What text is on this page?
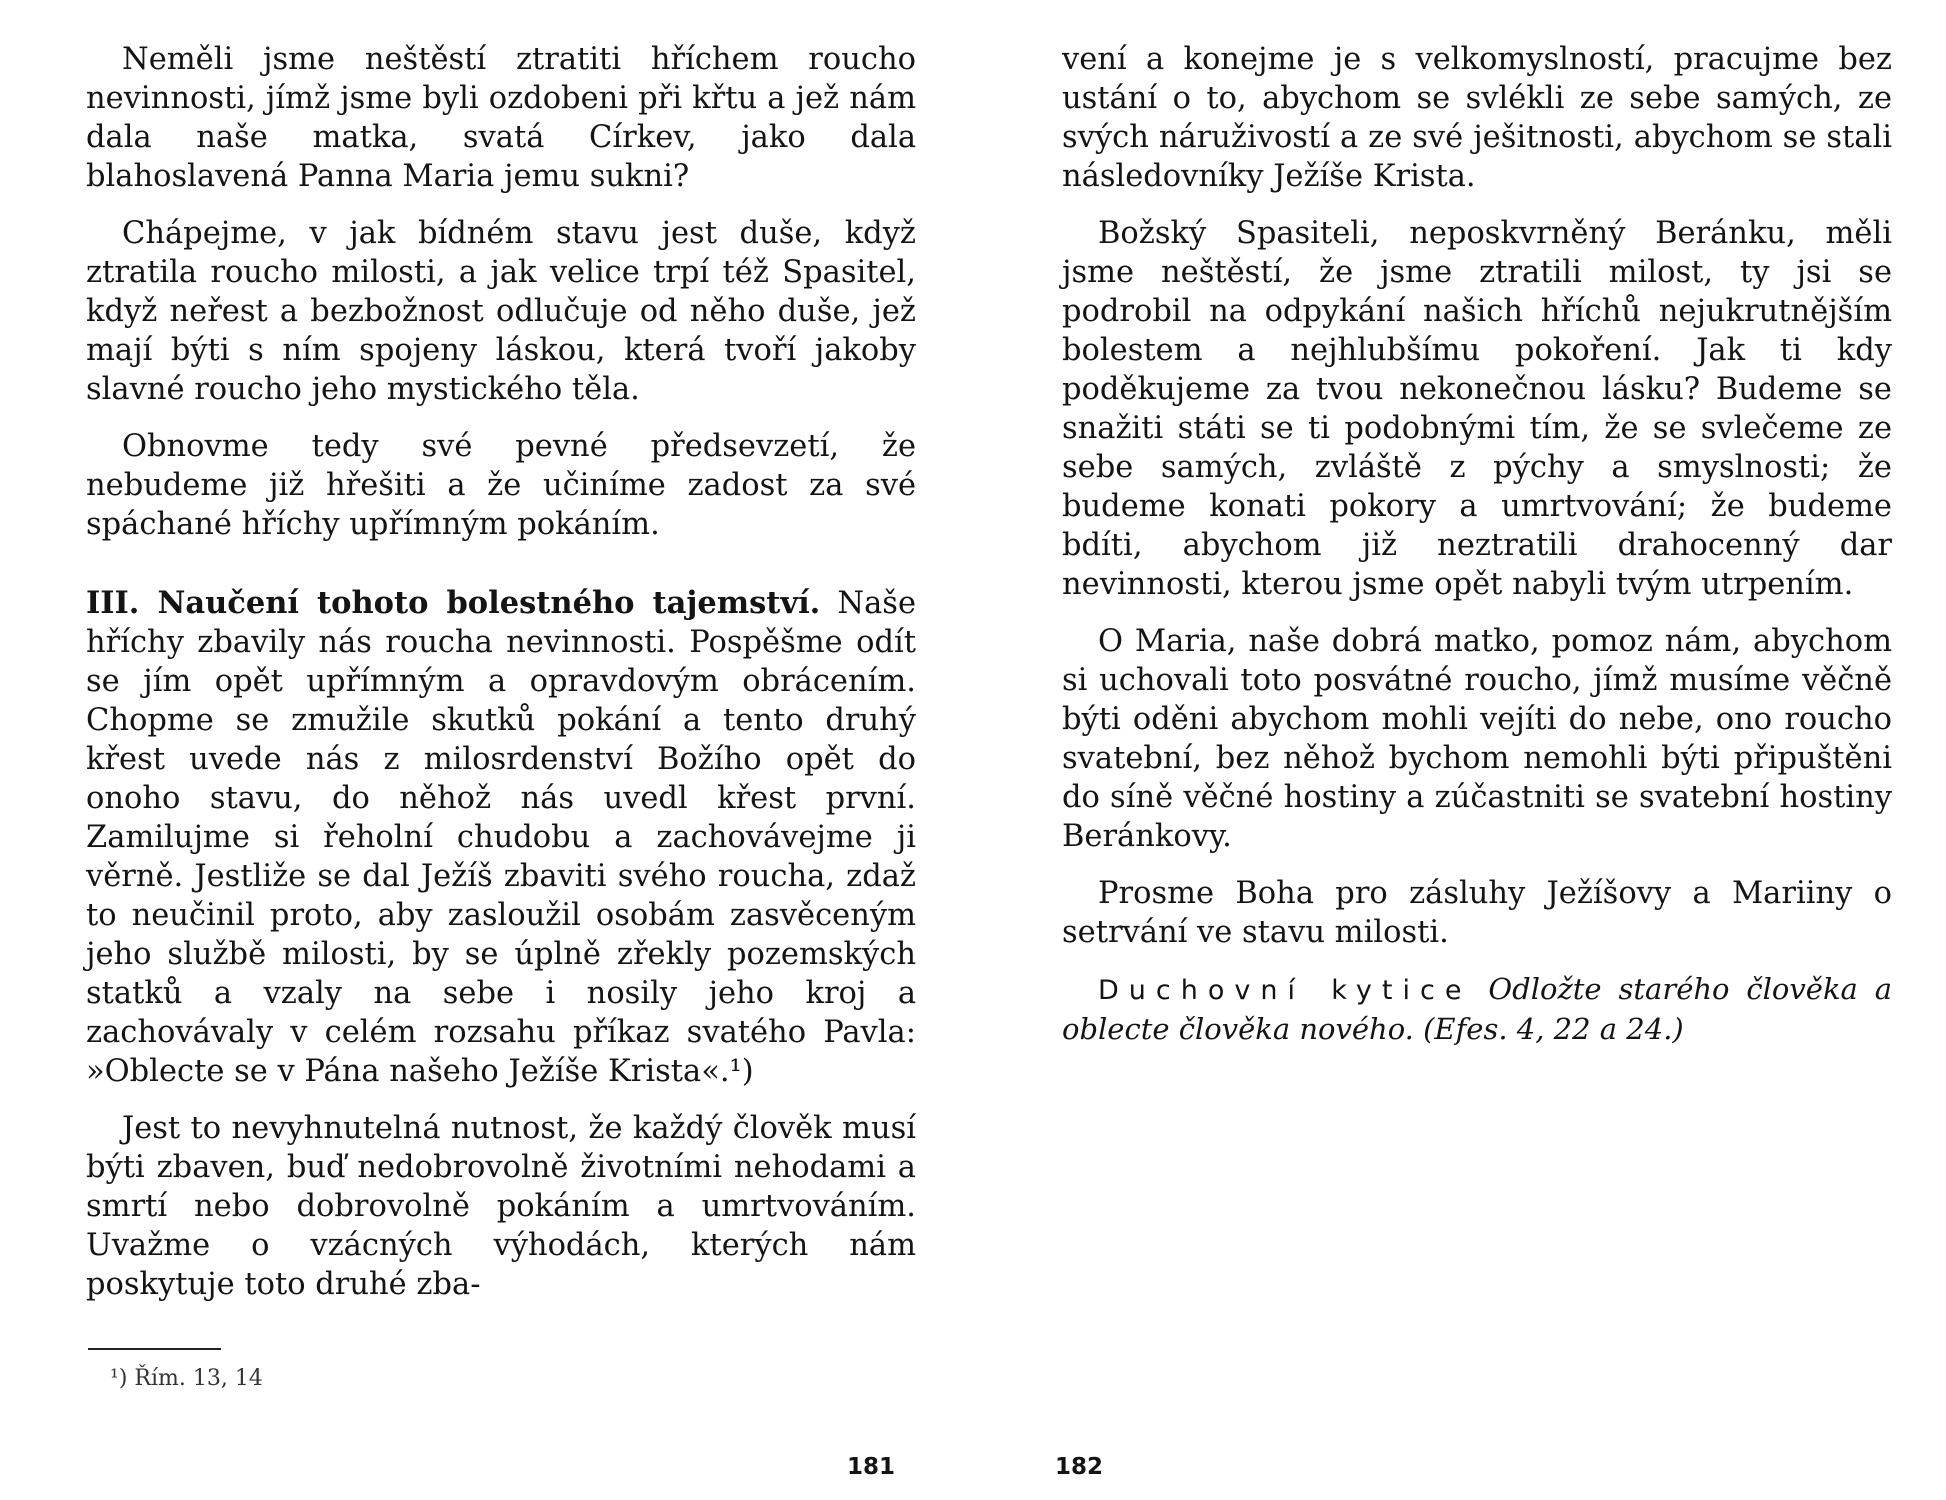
Neměli jsme neštěstí ztratiti hříchem roucho nevinnosti, jímž jsme byli ozdobeni při křtu a jež nám dala naše matka, svatá Církev, jako dala blahoslavená Panna Maria jemu sukni?

Chápejme, v jak bídném stavu jest duše, když ztratila roucho milosti, a jak velice trpí též Spasitel, když neřest a bezbožnost odlučuje od něho duše, jež mají býti s ním spojeny láskou, která tvoří jakoby slavné roucho jeho mystického těla.

Obnovme tedy své pevné předsevzetí, že nebudeme již hřešiti a že učiníme zadost za své spáchané hříchy upřímným pokáním.

III. Naučení tohoto bolestného tajemství. Naše hříchy zbavily nás roucha nevinnosti. Pospěšme odít se jím opět upřímným a opravdovým obrácením. Chopme se zmužile skutků pokání a tento druhý křest uvede nás z milosrdenství Božího opět do onoho stavu, do něhož nás uvedl křest první. Zamilujme si řeholní chudobu a zachovávejme ji věrně. Jestliže se dal Ježíš zbaviti svého roucha, zdaž to neučinil proto, aby zasloužil osobám zasvěceným jeho službě milosti, by se úplně zřekly pozemských statků a vzaly na sebe i nosily jeho kroj a zachovávaly v celém rozsahu příkaz svatého Pavla: »Oblecte se v Pána našeho Ježíše Krista«.¹)

Jest to nevyhnutelná nutnost, že každý člověk musí býti zbaven, buď nedobrovolně životními nehodami a smrtí nebo dobrovolně pokáním a umrtvováním. Uvažme o vzácných výhodách, kterých nám poskytuje toto druhé zba-

¹) Řím. 13, 14
181

vení a konejme je s velkomyslností, pracujme bez ustání o to, abychom se svlékli ze sebe samých, ze svých náruživostí a ze své ješitnosti, abychom se stali následovníky Ježíše Krista.

Božský Spasiteli, neposkvrněný Beránku, měli jsme neštěstí, že jsme ztratili milost, ty jsi se podrobil na odpykání našich hříchů nejukrutnějším bolestem a nejhlubšímu pokoření. Jak ti kdy poděkujeme za tvou nekonečnou lásku? Budeme se snažiti státi se ti podobnými tím, že se svlečeme ze sebe samých, zvláště z pýchy a smyslnosti; že budeme konati pokory a umrtvování; že budeme bdíti, abychom již neztratili drahocenný dar nevinnosti, kterou jsme opět nabyli tvým utrpením.

O Maria, naše dobrá matko, pomoz nám, abychom si uchovali toto posvátné roucho, jímž musíme věčně býti oděni abychom mohli vejíti do nebe, ono roucho svatební, bez něhož bychom nemohli býti připuštěni do síně věčné hostiny a zúčastniti se svatební hostiny Beránkovy.

Prosme Boha pro zásluhy Ježíšovy a Mariiny o setrvání ve stavu milosti.

Duchovní kytice Odložte starého člověka a oblecte člověka nového. (Efes. 4, 22 a 24.)

182
